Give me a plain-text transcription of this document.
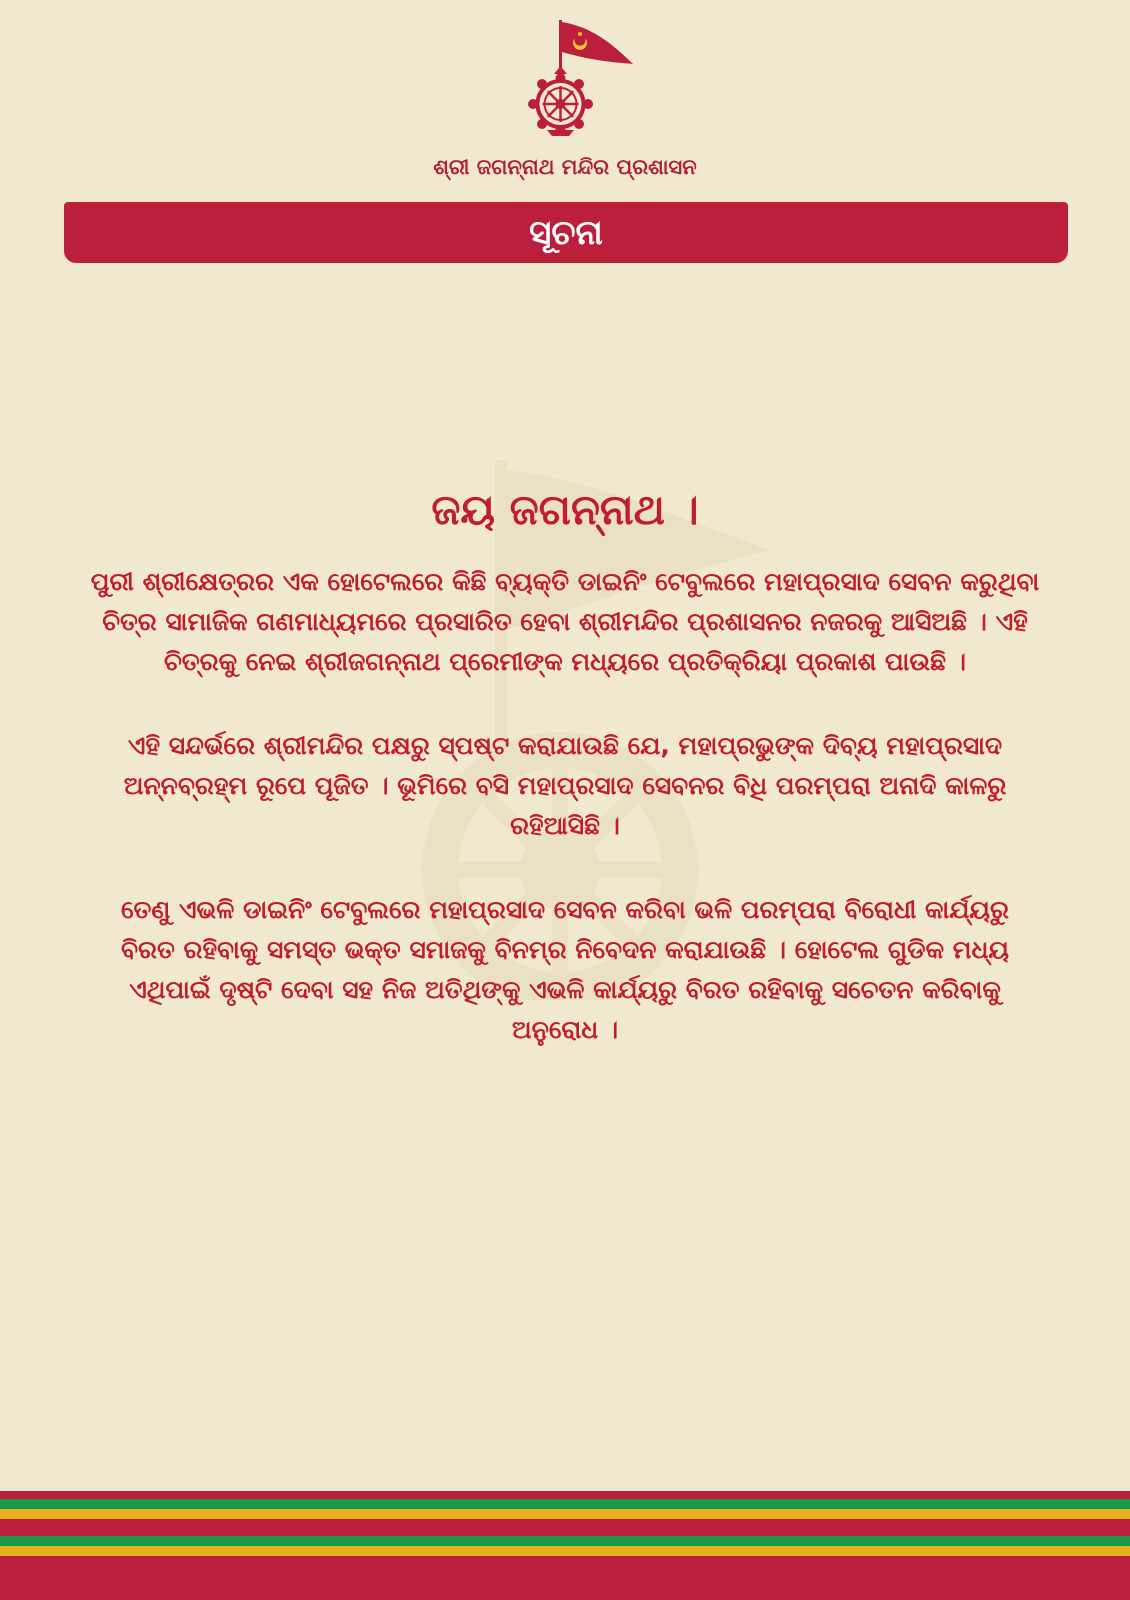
ଶ୍ରୀ ଜଗନ୍ନାଥ ମନ୍ଦିର ପ୍ରଶାସନ
ସୂଚନା

ଜୟ ଜଗନ୍ନାଥ ।

ପୁରୀ ଶ୍ରୀକ୍ଷେତ୍ରର ଏକ ହୋଟେଲରେ କିଛି ବ୍ୟକ୍ତି ଡାଇନିଂ ଟେବୁଲରେ ମହାପ୍ରସାଦ ସେବନ କରୁଥିବା ଚିତ୍ର ସାମାଜିକ ଗଣମାଧ୍ୟମରେ ପ୍ରସାରିତ ହେବା ଶ୍ରୀମନ୍ଦିର ପ୍ରଶାସନର ନଜରକୁ ଆସିଅଛି । ଏହି ଚିତ୍ରକୁ ନେଇ ଶ୍ରୀଜଗନ୍ନାଥ ପ୍ରେମୀଙ୍କ ମଧ୍ୟରେ ପ୍ରତିକ୍ରିୟା ପ୍ରକାଶ ପାଉଛି ।

ଏହି ସନ୍ଦର୍ଭରେ ଶ୍ରୀମନ୍ଦିର ପକ୍ଷରୁ ସ୍ପଷ୍ଟ କରାଯାଉଛି ଯେ, ମହାପ୍ରଭୁଙ୍କ ଦିବ୍ୟ ମହାପ୍ରସାଦ ଅନ୍ନବ୍ରହ୍ମ ରୂପେ ପୂଜିତ । ଭୂମିରେ ବସି ମହାପ୍ରସାଦ ସେବନର ବିଧି ପରମ୍ପରା ଅନାଦି କାଳରୁ ରହିଆସିଛି ।

ତେଣୁ ଏଭଳି ଡାଇନିଂ ଟେବୁଲରେ ମହାପ୍ରସାଦ ସେବନ କରିବା ଭଳି ପରମ୍ପରା ବିରୋଧୀ କାର୍ଯ୍ୟରୁ ବିରତ ରହିବାକୁ ସମସ୍ତ ଭକ୍ତ ସମାଜକୁ ବିନମ୍ର ନିବେଦନ କରାଯାଉଛି । ହୋଟେଲ ଗୁଡିକ ମଧ୍ୟ ଏଥିପାଇଁ ଦୃଷ୍ଟି ଦେବା ସହ ନିଜ ଅତିଥିଙ୍କୁ ଏଭଳି କାର୍ଯ୍ୟରୁ ବିରତ ରହିବାକୁ ସଚେତନ କରିବାକୁ ଅନୁରୋଧ ।
